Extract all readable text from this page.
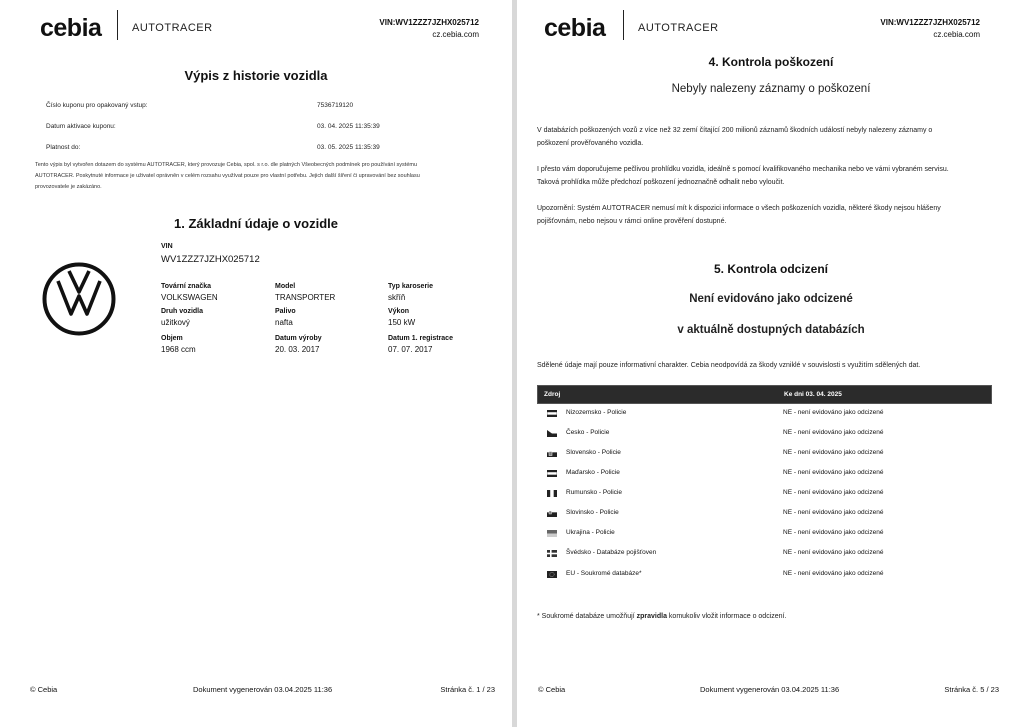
cebia	AUTOTRACER	VIN:WV1ZZZ7JZHX025712
cz.cebia.com
Výpis z historie vozidla
Číslo kuponu pro opakovaný vstup:	7536719120
Datum aktivace kuponu:	03. 04. 2025 11:35:39
Platnost do:	03. 05. 2025 11:35:39
Tento výpis byl vytvořen dotazem do systému AUTOTRACER, který provozuje Cebia, spol. s r.o. dle platných Všeobecných podmínek pro používání systému
AUTOTRACER. Poskytnuté informace je uživatel oprávněn v celém rozsahu využívat pouze pro vlastní potřebu. Jejich další šíření či upravování bez souhlasu
provozovatele je zakázáno.
1. Základní údaje o vozidle
VIN
WV1ZZZ7JZHX025712
Tovární značka
VOLKSWAGEN
Model
TRANSPORTER
Typ karoserie
skříň
Druh vozidla
užitkový
Palivo
nafta
Výkon
150 kW
Objem
1968 ccm
Datum výroby
20. 03. 2017
Datum 1. registrace
07. 07. 2017
© Cebia	Dokument vygenerován 03.04.2025 11:36	Stránka č. 1 / 23
cebia	AUTOTRACER	VIN:WV1ZZZ7JZHX025712
cz.cebia.com
4. Kontrola poškození
Nebyly nalezeny záznamy o poškození
V databázích poškozených vozů z více než 32 zemí čítající 200 milionů záznamů škodních událostí nebyly nalezeny záznamy o
poškození prověřovaného vozidla.
I přesto vám doporučujeme pečlivou prohlídku vozidla, ideálně s pomocí kvalifikovaného mechanika nebo ve vámi vybraném servisu.
Taková prohlídka může předchozí poškození jednoznačně odhalit nebo vyloučit.
Upozornění: Systém AUTOTRACER nemusí mít k dispozici informace o všech poškozeních vozidla, některé škody nejsou hlášeny
pojišťovnám, nebo nejsou v rámci online prověření dostupné.
5. Kontrola odcizení
Není evidováno jako odcizené
v aktuálně dostupných databázích
Sdělené údaje mají pouze informativní charakter. Cebia neodpovídá za škody vzniklé v souvislosti s využitím sdělených dat.
Zdroj	Ke dni 03. 04. 2025
Nizozemsko - Policie	NE - není evidováno jako odcizené
Česko - Policie	NE - není evidováno jako odcizené
Slovensko - Policie	NE - není evidováno jako odcizené
Maďarsko - Policie	NE - není evidováno jako odcizené
Rumunsko - Policie	NE - není evidováno jako odcizené
Slovinsko - Policie	NE - není evidováno jako odcizené
Ukrajina - Policie	NE - není evidováno jako odcizené
Švédsko - Databáze pojišťoven	NE - není evidováno jako odcizené
EU - Soukromé databáze*	NE - není evidováno jako odcizené
* Soukromé databáze umožňují zpravidla komukoliv vložit informace o odcizení.
© Cebia	Dokument vygenerován 03.04.2025 11:36	Stránka č. 5 / 23
